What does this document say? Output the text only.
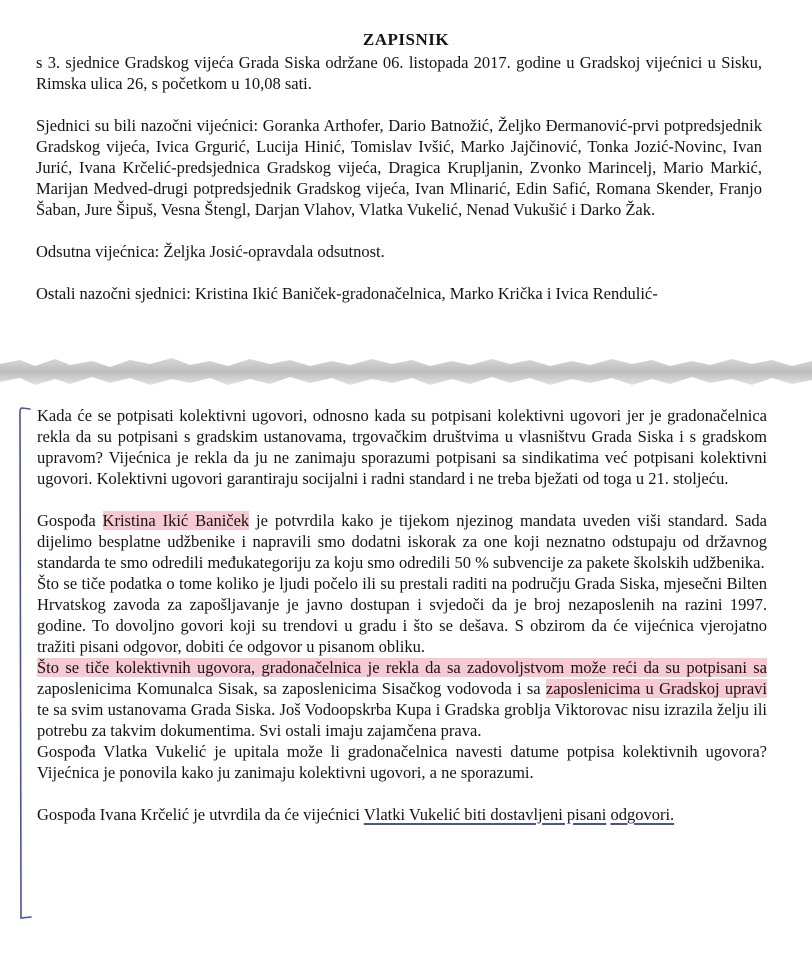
ZAPISNIK

s 3. sjednice Gradskog vijeća Grada Siska održane 06. listopada 2017. godine u Gradskoj vijećnici u Sisku, Rimska ulica 26, s početkom u 10,08 sati.

Sjednici su bili nazočni vijećnici: Goranka Arthofer, Dario Batnožić, Željko Đermanović-prvi potpredsjednik Gradskog vijeća, Ivica Grgurić, Lucija Hinić, Tomislav Ivšić, Marko Jajčinović, Tonka Jozić-Novinc, Ivan Jurić, Ivana Krčelić-predsjednica Gradskog vijeća, Dragica Krupljanin, Zvonko Marincelj, Mario Markić, Marijan Medved-drugi potpredsjednik Gradskog vijeća, Ivan Mlinarić, Edin Safić, Romana Skender, Franjo Šaban, Jure Šipuš, Vesna Štengl, Darjan Vlahov, Vlatka Vukelić, Nenad Vukušić i Darko Žak.

Odsutna vijećnica: Željka Josić-opravdala odsutnost.

Ostali nazočni sjednici: Kristina Ikić Baniček-gradonačelnica, Marko Krička i Ivica Rendulić-

Kada će se potpisati kolektivni ugovori, odnosno kada su potpisani kolektivni ugovori jer je gradonačelnica rekla da su potpisani s gradskim ustanovama, trgovačkim društvima u vlasništvu Grada Siska i s gradskom upravom? Vijećnica je rekla da ju ne zanimaju sporazumi potpisani sa sindikatima već potpisani kolektivni ugovori. Kolektivni ugovori garantiraju socijalni i radni standard i ne treba bježati od toga u 21. stoljeću.

Gospođa Kristina Ikić Baniček je potvrdila kako je tijekom njezinog mandata uveden viši standard. Sada dijelimo besplatne udžbenike i napravili smo dodatni iskorak za one koji neznatno odstupaju od državnog standarda te smo odredili međukategoriju za koju smo odredili 50 % subvencije za pakete školskih udžbenika.

Što se tiče podatka o tome koliko je ljudi počelo ili su prestali raditi na području Grada Siska, mjesečni Bilten Hrvatskog zavoda za zapošljavanje je javno dostupan i svjedoči da je broj nezaposlenih na razini 1997. godine. To dovoljno govori koji su trendovi u gradu i što se dešava. S obzirom da će vijećnica vjerojatno tražiti pisani odgovor, dobiti će odgovor u pisanom obliku.

Što se tiče kolektivnih ugovora, gradonačelnica je rekla da sa zadovoljstvom može reći da su potpisani sa zaposlenicima Komunalca Sisak, sa zaposlenicima Sisačkog vodovoda i sa zaposlenicima u Gradskoj upravi te sa svim ustanovama Grada Siska. Još Vodoopskrba Kupa i Gradska groblja Viktorovac nisu izrazila želju ili potrebu za takvim dokumentima. Svi ostali imaju zajamčena prava.

Gospođa Vlatka Vukelić je upitala može li gradonačelnica navesti datume potpisa kolektivnih ugovora? Vijećnica je ponovila kako ju zanimaju kolektivni ugovori, a ne sporazumi.

Gospođa Ivana Krčelić je utvrdila da će vijećnici Vlatki Vukelić biti dostavljeni pisani odgovori.
